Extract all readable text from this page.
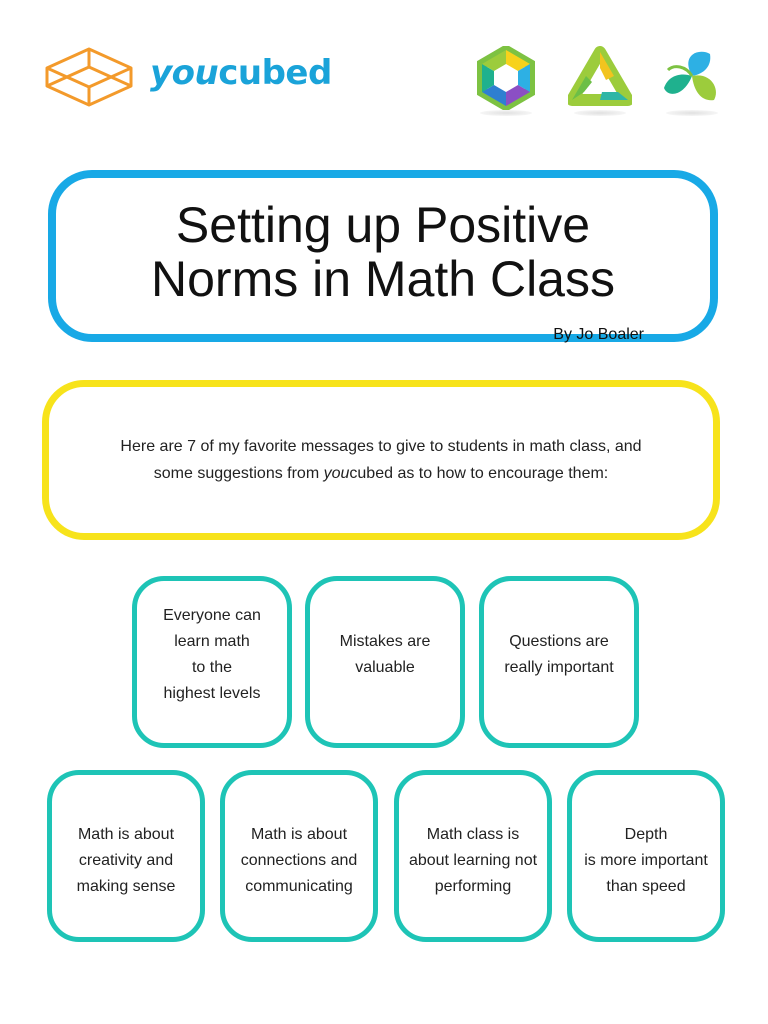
youcubed
Setting up Positive
Norms in Math Class
By Jo Boaler
Here are 7 of my favorite messages to give to students in math class, and
some suggestions from youcubed as to how to encourage them:
Everyone can
learn math
to the
highest levels
Mistakes are
valuable
Questions are
really important
Math is about
creativity and
making sense
Math is about
connections and
communicating
Math class is
about learning not
performing
Depth
is more important
than speed
